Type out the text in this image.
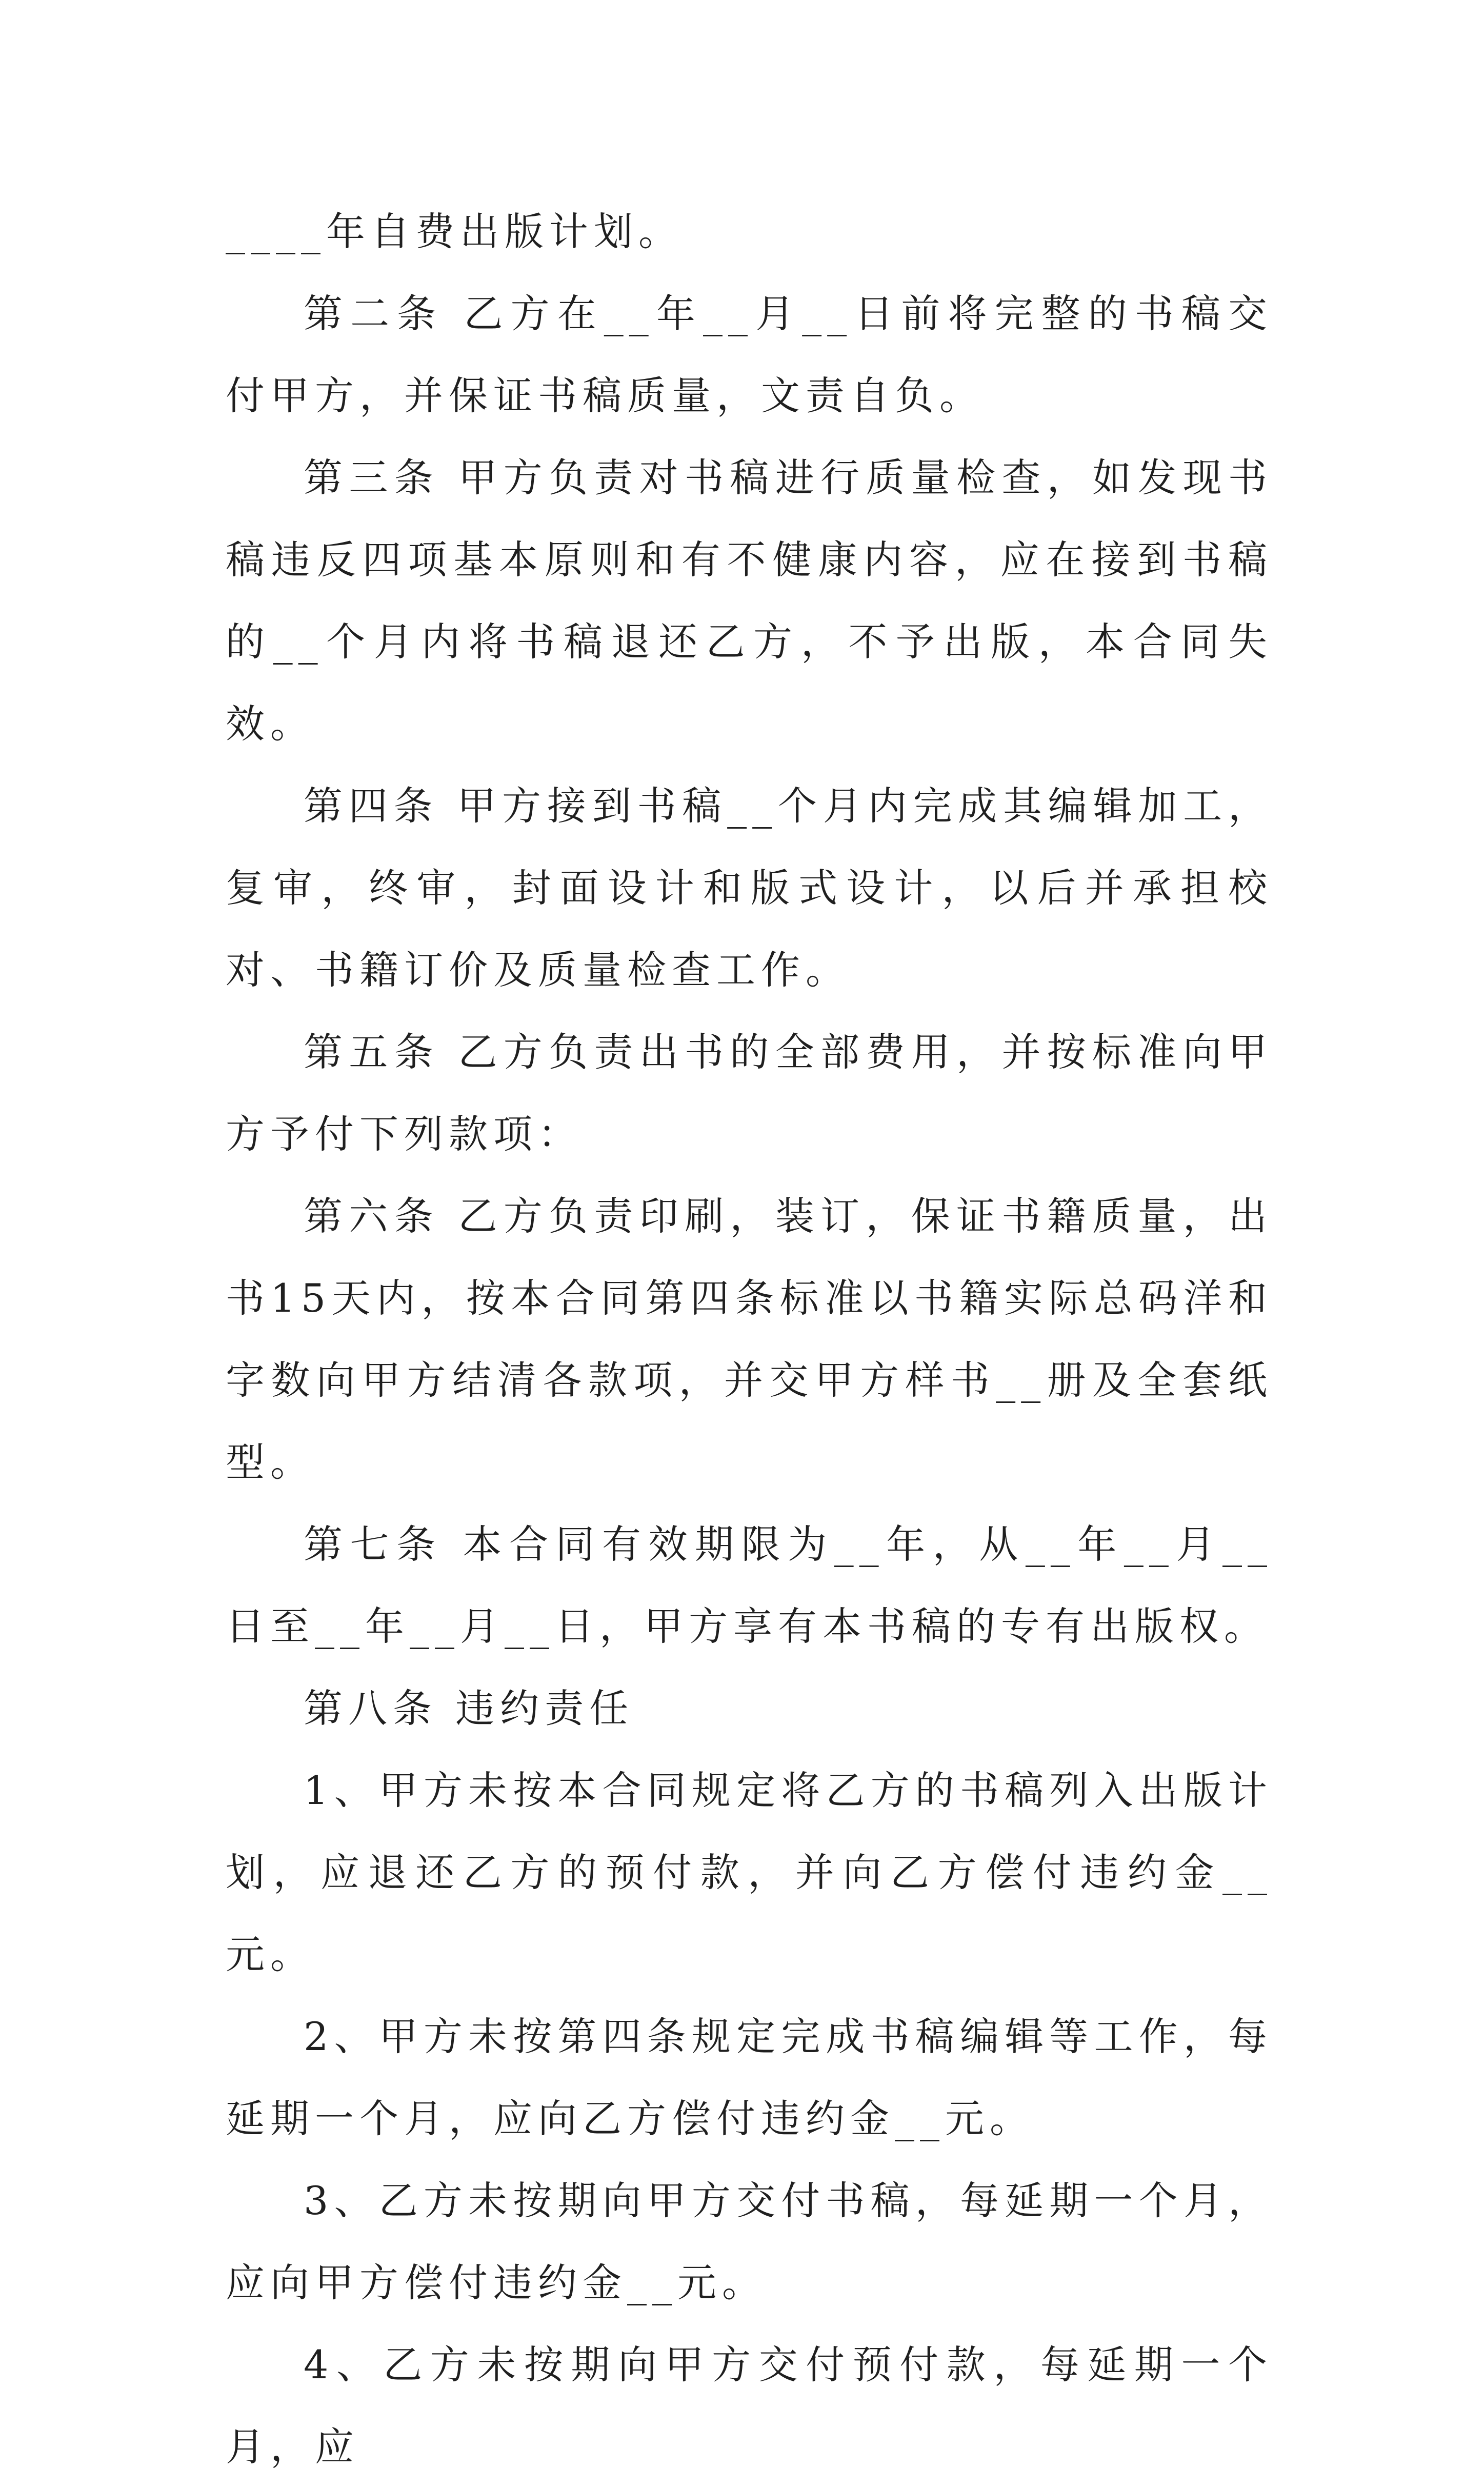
____年自费出版计划。

第二条 乙方在__年__月__日前将完整的书稿交付甲方，并保证书稿质量，文责自负。

第三条 甲方负责对书稿进行质量检查，如发现书稿违反四项基本原则和有不健康内容，应在接到书稿的__个月内将书稿退还乙方，不予出版，本合同失效。

第四条 甲方接到书稿__个月内完成其编辑加工，复审，终审，封面设计和版式设计，以后并承担校对、书籍订价及质量检查工作。

第五条 乙方负责出书的全部费用，并按标准向甲方予付下列款项：

第六条 乙方负责印刷，装订，保证书籍质量，出书15天内，按本合同第四条标准以书籍实际总码洋和字数向甲方结清各款项，并交甲方样书__册及全套纸型。

第七条 本合同有效期限为__年，从__年__月__日至__年__月__日，甲方享有本书稿的专有出版权。

第八条 违约责任

1、甲方未按本合同规定将乙方的书稿列入出版计划，应退还乙方的预付款，并向乙方偿付违约金__元。

2、甲方未按第四条规定完成书稿编辑等工作，每延期一个月，应向乙方偿付违约金__元。

3、乙方未按期向甲方交付书稿，每延期一个月，应向甲方偿付违约金__元。

4、乙方未按期向甲方交付预付款，每延期一个月，应
